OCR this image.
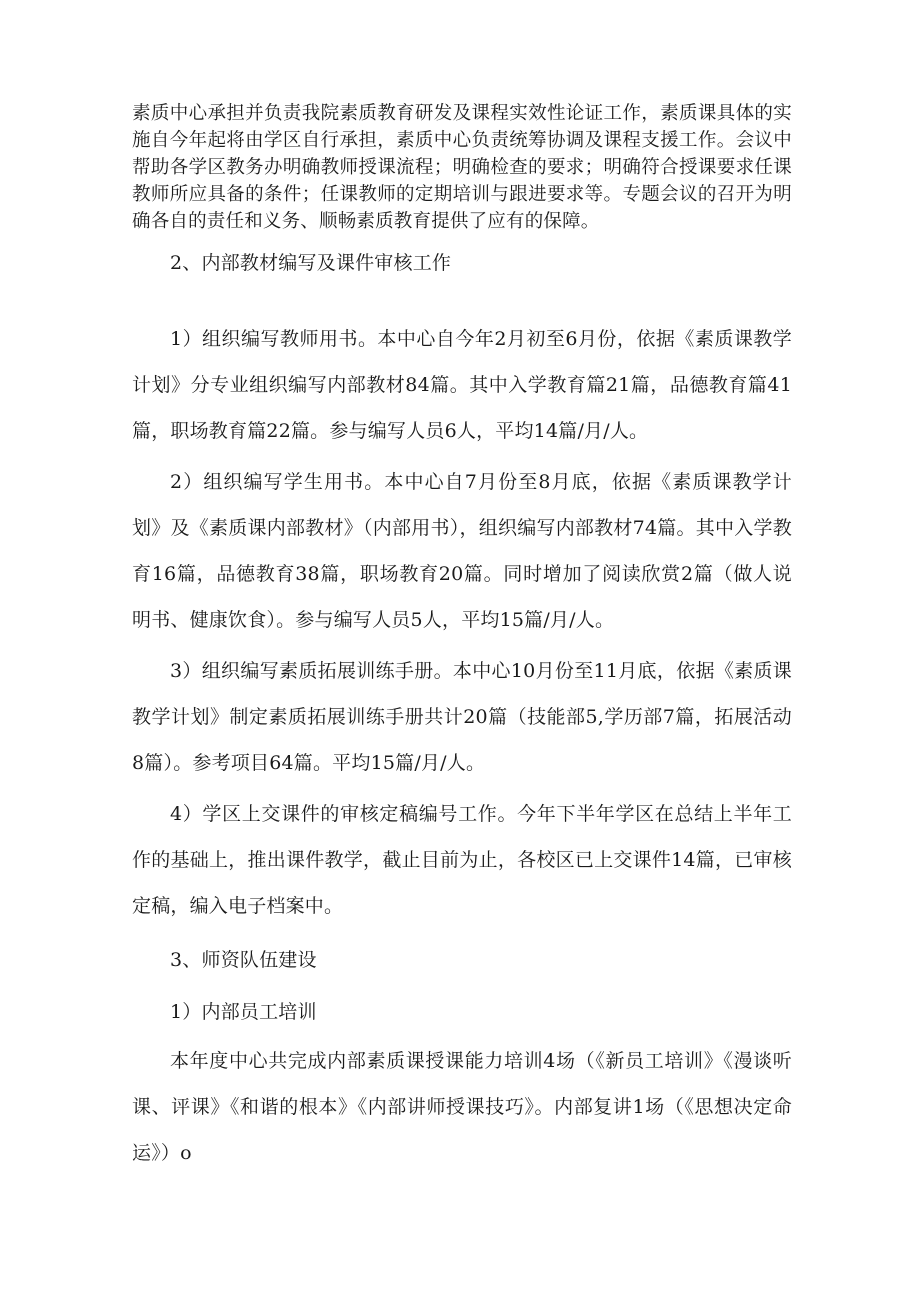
素质中心承担并负责我院素质教育研发及课程实效性论证工作，素质课具体的实施自今年起将由学区自行承担，素质中心负责统筹协调及课程支援工作。会议中帮助各学区教务办明确教师授课流程；明确检查的要求；明确符合授课要求任课教师所应具备的条件；任课教师的定期培训与跟进要求等。专题会议的召开为明确各自的责任和义务、顺畅素质教育提供了应有的保障。

2、内部教材编写及课件审核工作

1）组织编写教师用书。本中心自今年2月初至6月份，依据《素质课教学计划》分专业组织编写内部教材84篇。其中入学教育篇21篇，品德教育篇41篇，职场教育篇22篇。参与编写人员6人，平均14篇/月/人。

2）组织编写学生用书。本中心自7月份至8月底，依据《素质课教学计划》及《素质课内部教材》（内部用书），组织编写内部教材74篇。其中入学教育16篇，品德教育38篇，职场教育20篇。同时增加了阅读欣赏2篇（做人说明书、健康饮食）。参与编写人员5人，平均15篇/月/人。

3）组织编写素质拓展训练手册。本中心10月份至11月底，依据《素质课教学计划》制定素质拓展训练手册共计20篇（技能部5,学历部7篇，拓展活动8篇）。参考项目64篇。平均15篇/月/人。

4）学区上交课件的审核定稿编号工作。今年下半年学区在总结上半年工作的基础上，推出课件教学，截止目前为止，各校区已上交课件14篇，已审核定稿，编入电子档案中。

3、师资队伍建设

1）内部员工培训

本年度中心共完成内部素质课授课能力培训4场（《新员工培训》《漫谈听课、评课》《和谐的根本》《内部讲师授课技巧》。内部复讲1场（《思想决定命运》）o
